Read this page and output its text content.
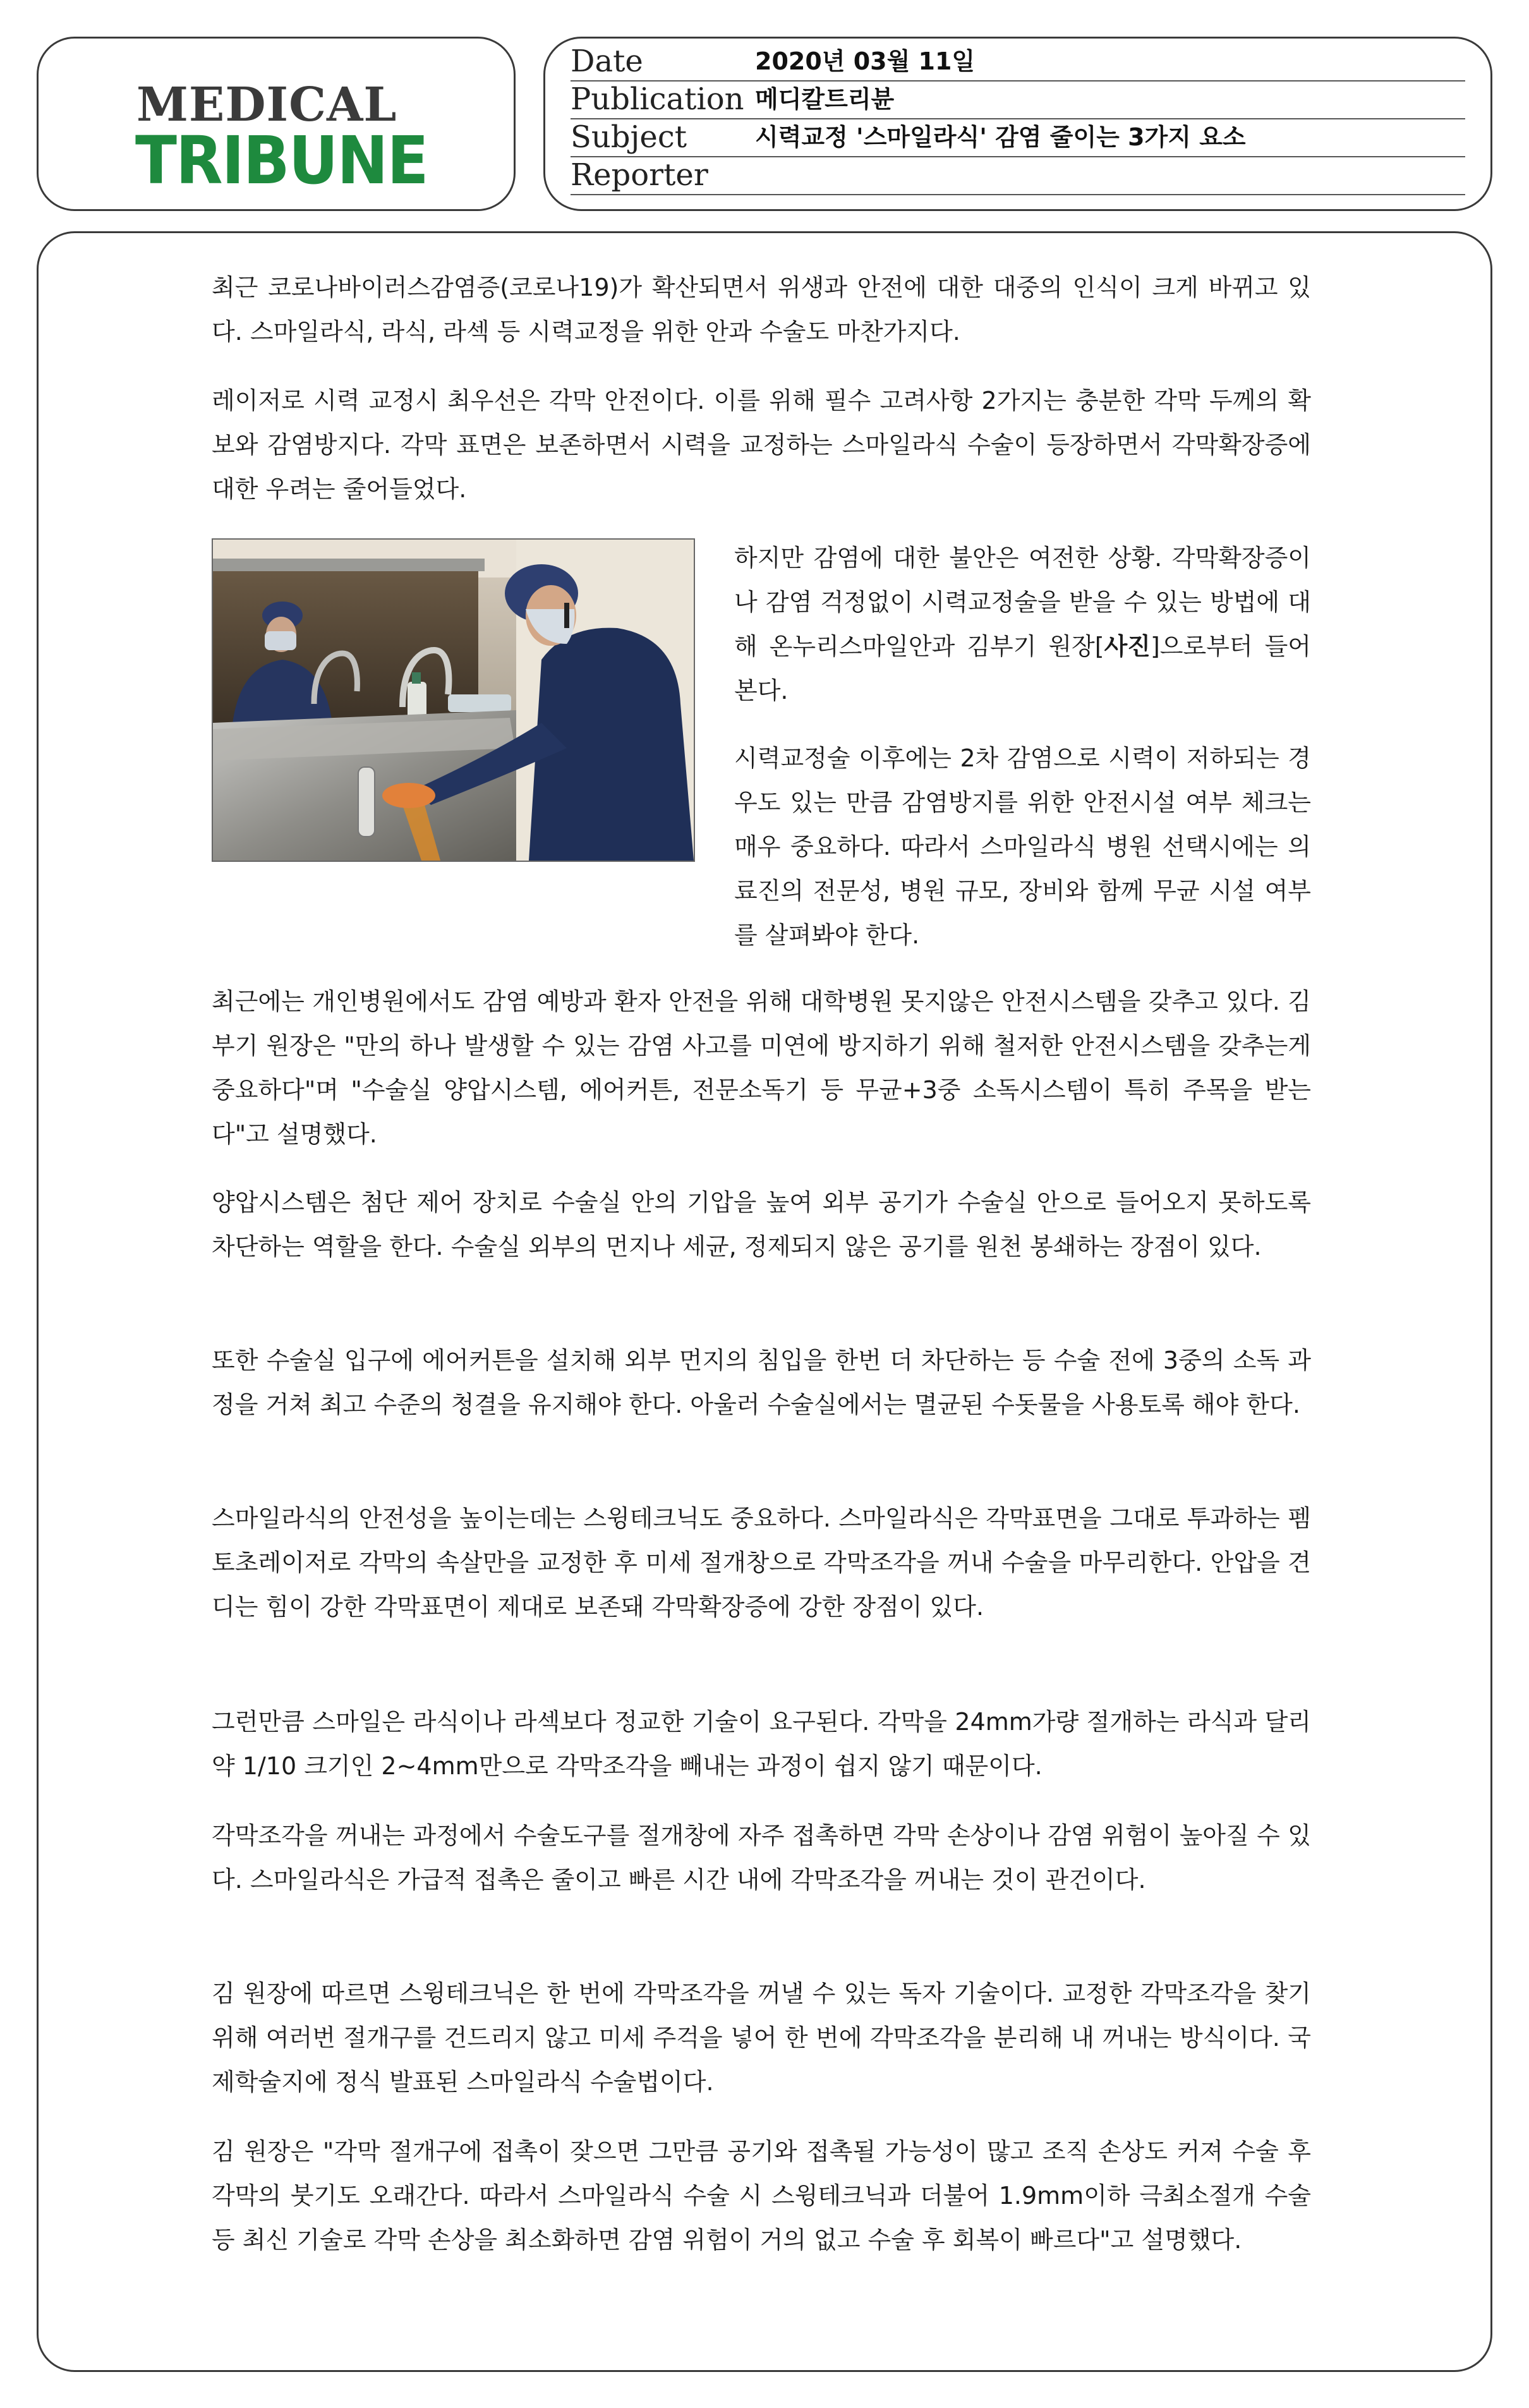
MEDICAL
TRIBUNE
Date	2020년 03월 11일
Publication 메디칼트리뷴
Subject	시력교정 '스마일라식' 감염 줄이는 3가지 요소
Reporter
최근 코로나바이러스감염증(코로나19)가 확산되면서 위생과 안전에 대한 대중의 인식이 크게 바뀌고 있다. 스마일라식, 라식, 라섹 등 시력교정을 위한 안과 수술도 마찬가지다.
레이저로 시력 교정시 최우선은 각막 안전이다. 이를 위해 필수 고려사항 2가지는 충분한 각막 두께의 확보와 감염방지다. 각막 표면은 보존하면서 시력을 교정하는 스마일라식 수술이 등장하면서 각막확장증에 대한 우려는 줄어들었다.
하지만 감염에 대한 불안은 여전한 상황. 각막확장증이나 감염 걱정없이 시력교정술을 받을 수 있는 방법에 대해 온누리스마일안과 김부기 원장[사진]으로부터 들어본다.
시력교정술 이후에는 2차 감염으로 시력이 저하되는 경우도 있는 만큼 감염방지를 위한 안전시설 여부 체크는 매우 중요하다. 따라서 스마일라식 병원 선택시에는 의료진의 전문성, 병원 규모, 장비와 함께 무균 시설 여부를 살펴봐야 한다.
최근에는 개인병원에서도 감염 예방과 환자 안전을 위해 대학병원 못지않은 안전시스템을 갖추고 있다. 김부기 원장은 "만의 하나 발생할 수 있는 감염 사고를 미연에 방지하기 위해 철저한 안전시스템을 갖추는게 중요하다"며 "수술실 양압시스템, 에어커튼, 전문소독기 등 무균+3중 소독시스템이 특히 주목을 받는다"고 설명했다.
양압시스템은 첨단 제어 장치로 수술실 안의 기압을 높여 외부 공기가 수술실 안으로 들어오지 못하도록 차단하는 역할을 한다. 수술실 외부의 먼지나 세균, 정제되지 않은 공기를 원천 봉쇄하는 장점이 있다.
또한 수술실 입구에 에어커튼을 설치해 외부 먼지의 침입을 한번 더 차단하는 등 수술 전에 3중의 소독 과정을 거쳐 최고 수준의 청결을 유지해야 한다. 아울러 수술실에서는 멸균된 수돗물을 사용토록 해야 한다.
스마일라식의 안전성을 높이는데는 스윙테크닉도 중요하다. 스마일라식은 각막표면을 그대로 투과하는 펨토초레이저로 각막의 속살만을 교정한 후 미세 절개창으로 각막조각을 꺼내 수술을 마무리한다. 안압을 견디는 힘이 강한 각막표면이 제대로 보존돼 각막확장증에 강한 장점이 있다.
그런만큼 스마일은 라식이나 라섹보다 정교한 기술이 요구된다. 각막을 24mm가량 절개하는 라식과 달리 약 1/10 크기인 2~4mm만으로 각막조각을 빼내는 과정이 쉽지 않기 때문이다.
각막조각을 꺼내는 과정에서 수술도구를 절개창에 자주 접촉하면 각막 손상이나 감염 위험이 높아질 수 있다. 스마일라식은 가급적 접촉은 줄이고 빠른 시간 내에 각막조각을 꺼내는 것이 관건이다.
김 원장에 따르면 스윙테크닉은 한 번에 각막조각을 꺼낼 수 있는 독자 기술이다. 교정한 각막조각을 찾기 위해 여러번 절개구를 건드리지 않고 미세 주걱을 넣어 한 번에 각막조각을 분리해 내 꺼내는 방식이다. 국제학술지에 정식 발표된 스마일라식 수술법이다.
김 원장은 "각막 절개구에 접촉이 잦으면 그만큼 공기와 접촉될 가능성이 많고 조직 손상도 커져 수술 후 각막의 붓기도 오래간다. 따라서 스마일라식 수술 시 스윙테크닉과 더불어 1.9mm이하 극최소절개 수술 등 최신 기술로 각막 손상을 최소화하면 감염 위험이 거의 없고 수술 후 회복이 빠르다"고 설명했다.
